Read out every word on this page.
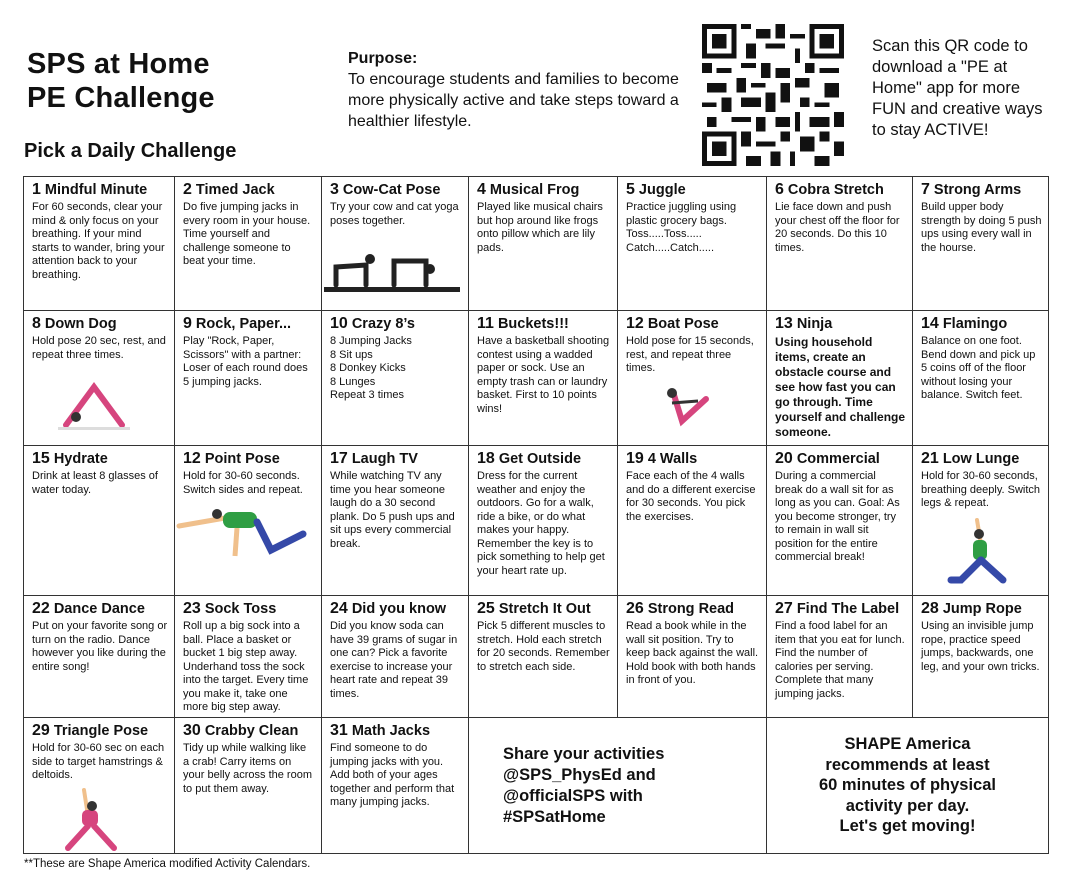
SPS at Home
PE Challenge
Pick a Daily Challenge
Purpose:
To encourage students and families to become more physically active and take steps toward a healthier lifestyle.
Scan this QR code to download a "PE at Home" app for more FUN and creative ways to stay ACTIVE!
1 Mindful Minute
For 60 seconds, clear your mind & only focus on your breathing. If your mind starts to wander, bring your attention back to your breathing.
2 Timed Jack
Do five jumping jacks in every room in your house. Time yourself and challenge someone to beat your time.
3 Cow-Cat Pose
Try your cow and cat yoga poses together.
4 Musical Frog
Played like musical chairs but hop around like frogs onto pillow which are lily pads.
5 Juggle
Practice juggling using plastic grocery bags. Toss.....Toss..... Catch.....Catch.....
6 Cobra Stretch
Lie face down and push your chest off the floor for 20 seconds. Do this 10 times.
7 Strong Arms
Build upper body strength by doing 5 push ups using every wall in the hourse.
8 Down Dog
Hold pose 20 sec, rest, and repeat three times.
9 Rock, Paper...
Play "Rock, Paper, Scissors" with a partner: Loser of each round does 5 jumping jacks.
10 Crazy 8’s
8 Jumping Jacks
8 Sit ups
8 Donkey Kicks
8 Lunges
Repeat 3 times
11 Buckets!!!
Have a basketball shooting contest using a wadded paper or sock. Use an empty trash can or laundry basket. First to 10 points wins!
12 Boat Pose
Hold pose for 15 seconds, rest, and repeat three times.
13 Ninja
Using household items, create an obstacle course and see how fast you can go through. Time yourself and challenge someone.
14 Flamingo
Balance on one foot. Bend down and pick up 5 coins off of the floor without losing your balance. Switch feet.
15 Hydrate
Drink at least 8 glasses of water today.
12 Point Pose
Hold for 30-60 seconds. Switch sides and repeat.
17 Laugh TV
While watching TV any time you hear someone laugh do a 30 second plank. Do 5 push ups and sit ups every commercial break.
18 Get Outside
Dress for the current weather and enjoy the outdoors. Go for a walk, ride a bike, or do what makes your happy. Remember the key is to pick something to help get your heart rate up.
19 4 Walls
Face each of the 4 walls and do a different exercise for 30 seconds. You pick the exercises.
20 Commercial
During a commercial break do a wall sit for as long as you can. Goal: As you become stronger, try to remain in wall sit position for the entire commercial break!
21 Low Lunge
Hold for 30-60 seconds, breathing deeply. Switch legs & repeat.
22 Dance Dance
Put on your favorite song or turn on the radio. Dance however you like during the entire song!
23 Sock Toss
Roll up a big sock into a ball. Place a basket or bucket 1 big step away. Underhand toss the sock into the target. Every time you make it, take one more big step away.
24 Did you know
Did you know soda can have 39 grams of sugar in one can? Pick a favorite exercise to increase your heart rate and repeat 39 times.
25 Stretch It Out
Pick 5 different muscles to stretch. Hold each stretch for 20 seconds. Remember to stretch each side.
26 Strong Read
Read a book while in the wall sit position. Try to keep back against the wall. Hold book with both hands in front of you.
27 Find The Label
Find a food label for an item that you eat for lunch. Find the number of calories per serving. Complete that many jumping jacks.
28 Jump Rope
Using an invisible jump rope, practice speed jumps, backwards, one leg, and your own tricks.
29 Triangle Pose
Hold for 30-60 sec on each side to target hamstrings & deltoids.
30 Crabby Clean
Tidy up while walking like a crab! Carry items on your belly across the room to put them away.
31 Math Jacks
Find someone to do jumping jacks with you. Add both of your ages together and perform that many jumping jacks.
Share your activities
@SPS_PhysEd and
@officialSPS with
#SPSatHome
SHAPE America
recommends at least
60 minutes of physical
activity per day.
Let's get moving!
**These are Shape America modified Activity Calendars.
